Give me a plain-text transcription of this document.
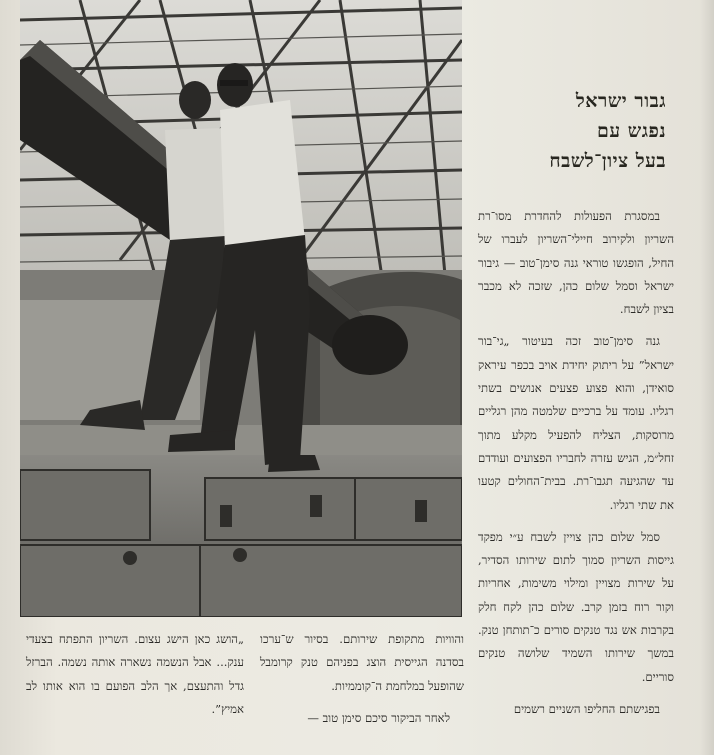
גבור ישראל
נפגש עם
בעל ציון־לשבח

במסגרת הפעולות להחדרת מסו־רת השריון ולקירוב חיילי־השריון לעברו של החיל, הופגשו טוראי גנה סימן־טוב — גיבור ישראל וסמל שלום כהן, שזכה לא מכבר בציון לשבח.

גנה סימן־טוב זכה בעיטור „גי־בור ישראל” על ריתוק יחידת אויב בכפר עיראק סואידן, והוא פצוע פצעים אנושים בשתי רגליו. עומד על ברכיים שלמטה מהן רגליים מרוסקות, הצליח להפעיל מקלע מתוך זחל״מ, הגיש עזרה לחבריו הפצועים ועודדם עד שהגיעה תגבו־רת. בבית־החולים קטעו את שתי רגליו.

סמל שלום כהן צויין לשבח ע״י מפקד גייסות השריון סמוך לתום שירותו הסדיר, על שירות מצויין ומילוי משימות, אחריות וקור רוח בזמן קרב. שלום כהן לקח חלק בקרבות אש נגד טנקים סורים כ־תותחן טנק. במשך שירותו השמיד שלושה טנקים סוריים.

בפגישתם החליפו השניים רשמים

והוויות מתקופת שירותם. בסיור ש־ערכו בסדנה הגייסית הוצג בפניהם טנק קרומבל שהופעל במלחמת ה־קוממיות.

לאחר הביקור סיכם סימן טוב —

„הושג כאן הישג עצום. השריון התפתח בצעדי ענק... אבל הנשמה נשארה אותה נשמה. הברזל גדל והתעצם, אך הלב הפועם בו הוא אותו לב אמיץ”.
